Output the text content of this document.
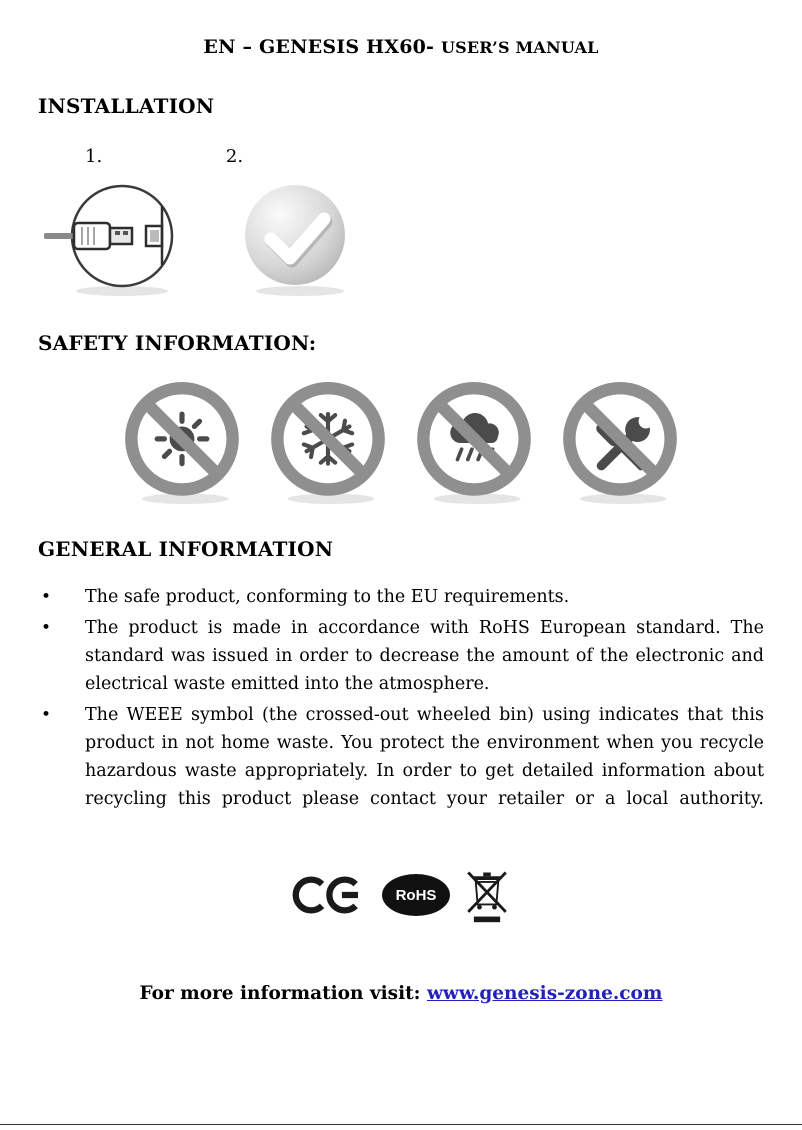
EN – GENESIS HX60- USER’S MANUAL
INSTALLATION
1.	2.
SAFETY INFORMATION:
GENERAL INFORMATION
• The safe product, conforming to the EU requirements.
• The product is made in accordance with RoHS European standard. The standard was issued in order to decrease the amount of the electronic and electrical waste emitted into the atmosphere.
• The WEEE symbol (the crossed-out wheeled bin) using indicates that this product in not home waste. You protect the environment when you recycle hazardous waste appropriately. In order to get detailed information about recycling this product please contact your retailer or a local authority.
RoHS

For more information visit: www.genesis-zone.com
